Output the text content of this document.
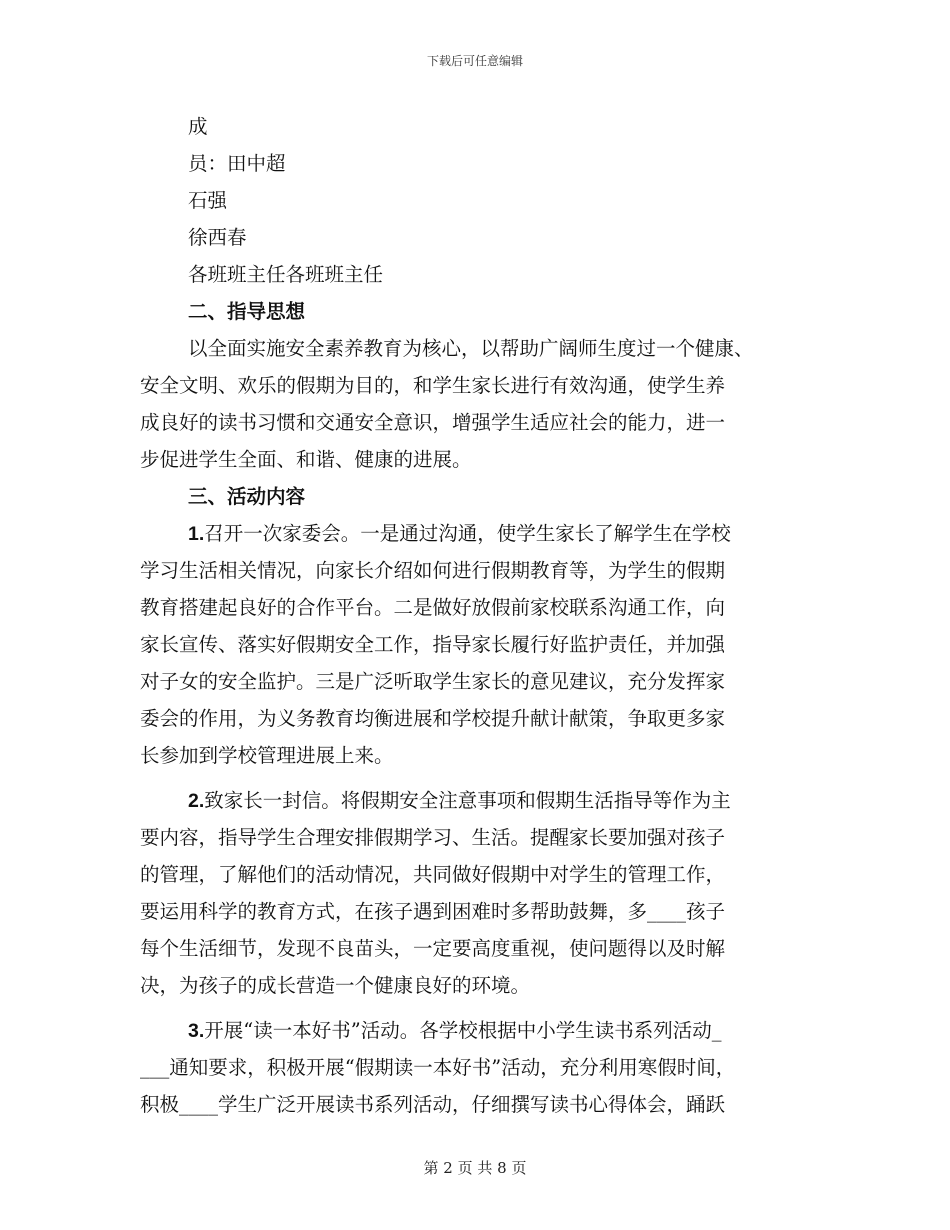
下载后可任意编辑
成
员：田中超
石强
徐西春
各班班主任各班班主任
二、指导思想
以全面实施安全素养教育为核心，以帮助广阔师生度过一个健康、
安全文明、欢乐的假期为目的，和学生家长进行有效沟通，使学生养
成良好的读书习惯和交通安全意识，增强学生适应社会的能力，进一
步促进学生全面、和谐、健康的进展。
三、活动内容
1.召开一次家委会。一是通过沟通，使学生家长了解学生在学校
学习生活相关情况，向家长介绍如何进行假期教育等，为学生的假期
教育搭建起良好的合作平台。二是做好放假前家校联系沟通工作，向
家长宣传、落实好假期安全工作，指导家长履行好监护责任，并加强
对子女的安全监护。三是广泛听取学生家长的意见建议，充分发挥家
委会的作用，为义务教育均衡进展和学校提升献计献策，争取更多家
长参加到学校管理进展上来。
2.致家长一封信。将假期安全注意事项和假期生活指导等作为主
要内容，指导学生合理安排假期学习、生活。提醒家长要加强对孩子
的管理，了解他们的活动情况，共同做好假期中对学生的管理工作，
要运用科学的教育方式，在孩子遇到困难时多帮助鼓舞，多____孩子
每个生活细节，发现不良苗头，一定要高度重视，使问题得以及时解
决，为孩子的成长营造一个健康良好的环境。
3.开展“读一本好书”活动。各学校根据中小学生读书系列活动_
___通知要求，积极开展“假期读一本好书”活动，充分利用寒假时间，
积极____学生广泛开展读书系列活动，仔细撰写读书心得体会，踊跃
第 2 页 共 8 页
